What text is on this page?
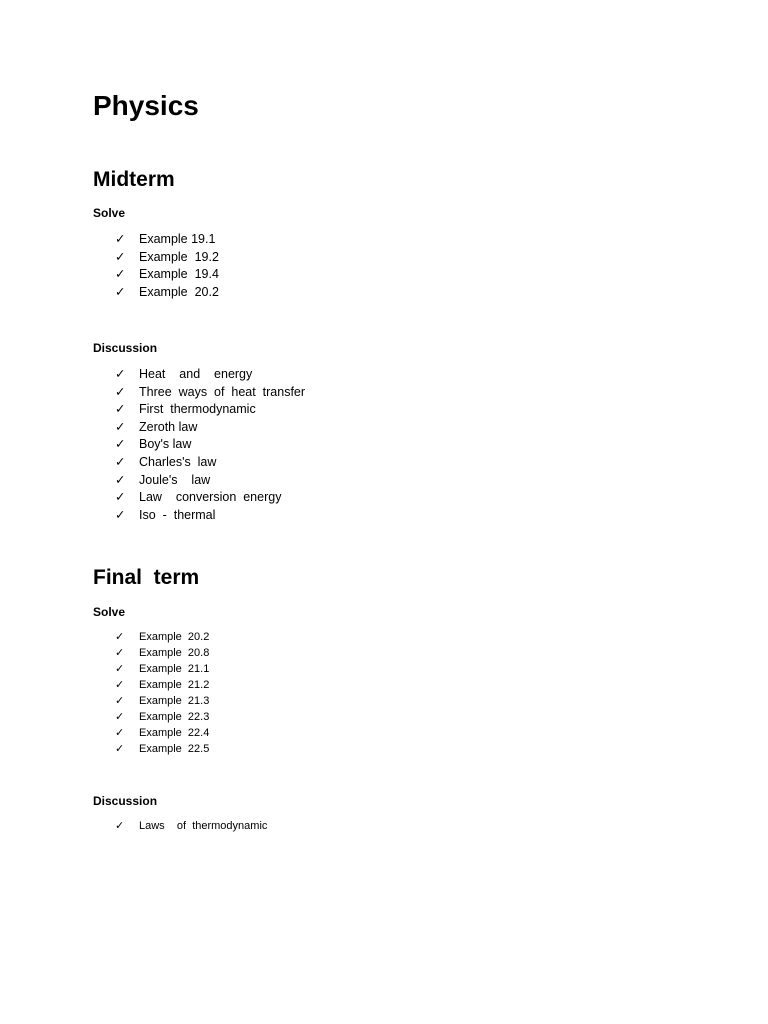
Physics
Midterm
Solve
✓ Example 19.1
✓ Example  19.2
✓ Example  19.4
✓ Example  20.2
Discussion
✓ Heat    and    energy
✓ Three  ways  of  heat  transfer
✓ First  thermodynamic
✓ Zeroth law
✓ Boy's law
✓ Charles's  law
✓ Joule's    law
✓ Law    conversion  energy
✓ Iso  -  thermal
Final  term
Solve
✓ Example  20.2
✓ Example  20.8
✓ Example  21.1
✓ Example  21.2
✓ Example  21.3
✓ Example  22.3
✓ Example  22.4
✓ Example  22.5
Discussion
✓ Laws    of  thermodynamic
